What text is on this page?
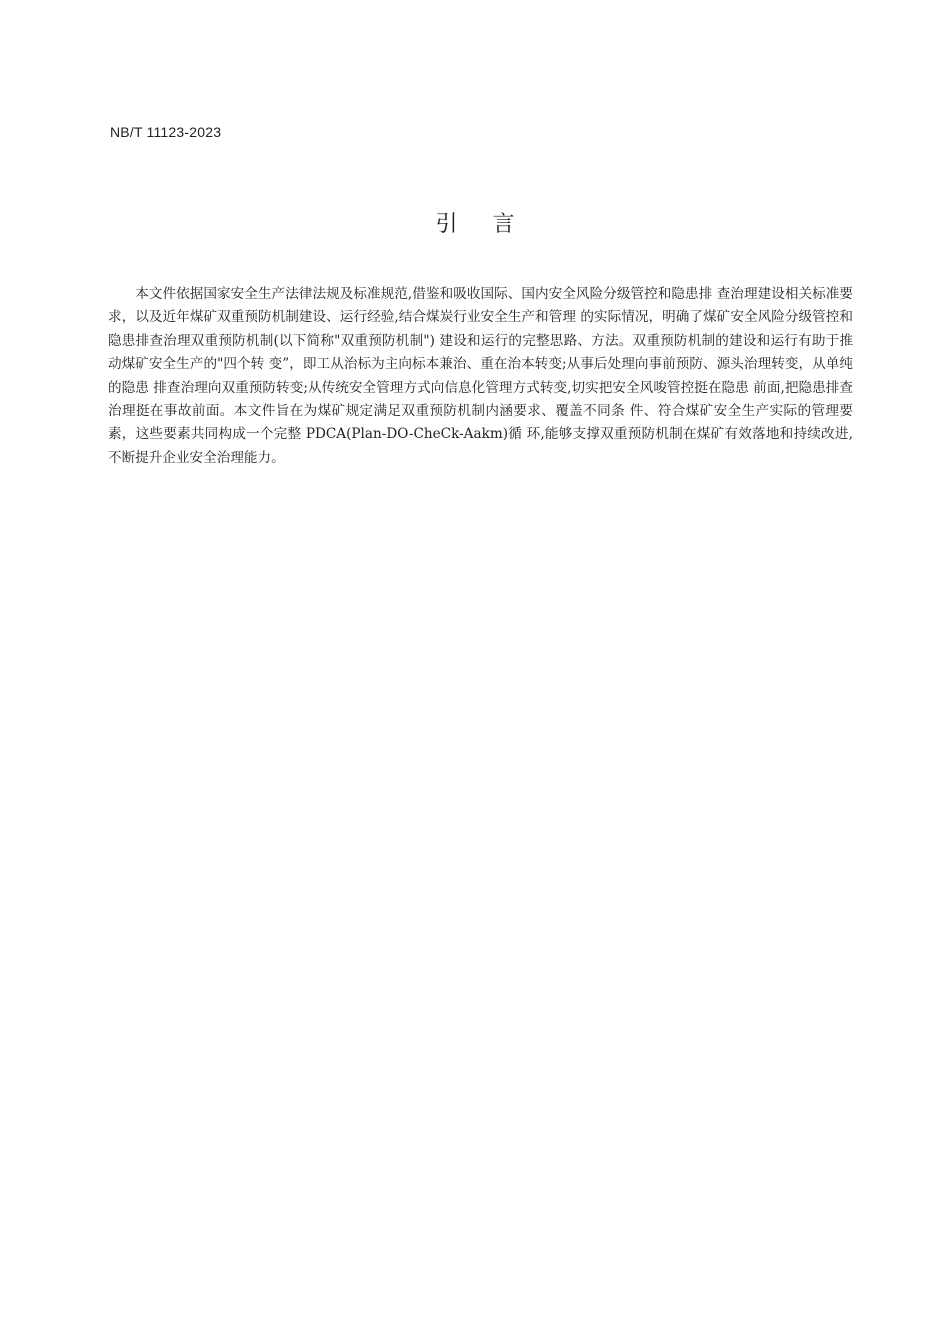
NB/T 11123-2023
引 言

本文件依据国家安全生产法律法规及标准规范,借鉴和吸收国际、国内安全风险分级管控和隐患排 查治理建设相关标准要求，以及近年煤矿双重预防机制建设、运行经验,结合煤炭行业安全生产和管理 的实际情况，明确了煤矿安全风险分级管控和隐患排查治理双重预防机制(以下简称"双重预防机制") 建设和运行的完整思路、方法。双重预防机制的建设和运行有助于推动煤矿安全生产的"四个转 变”，即工从治标为主向标本兼治、重在治本转变;从事后处理向事前预防、源头治理转变，从单纯的隐患 排查治理向双重预防转变;从传统安全管理方式向信息化管理方式转变,切实把安全风唆管控挺在隐患 前面,把隐患排查治理挺在事故前面。本文件旨在为煤矿规定满足双重预防机制内涵要求、覆盖不同条 件、符合煤矿安全生产实际的管理要素，这些要素共同构成一个完整 PDCA(Plan-DO-CheCk-Aakm)循 环,能够支撑双重预防机制在煤矿有效落地和持续改进,不断提升企业安全治理能力。
